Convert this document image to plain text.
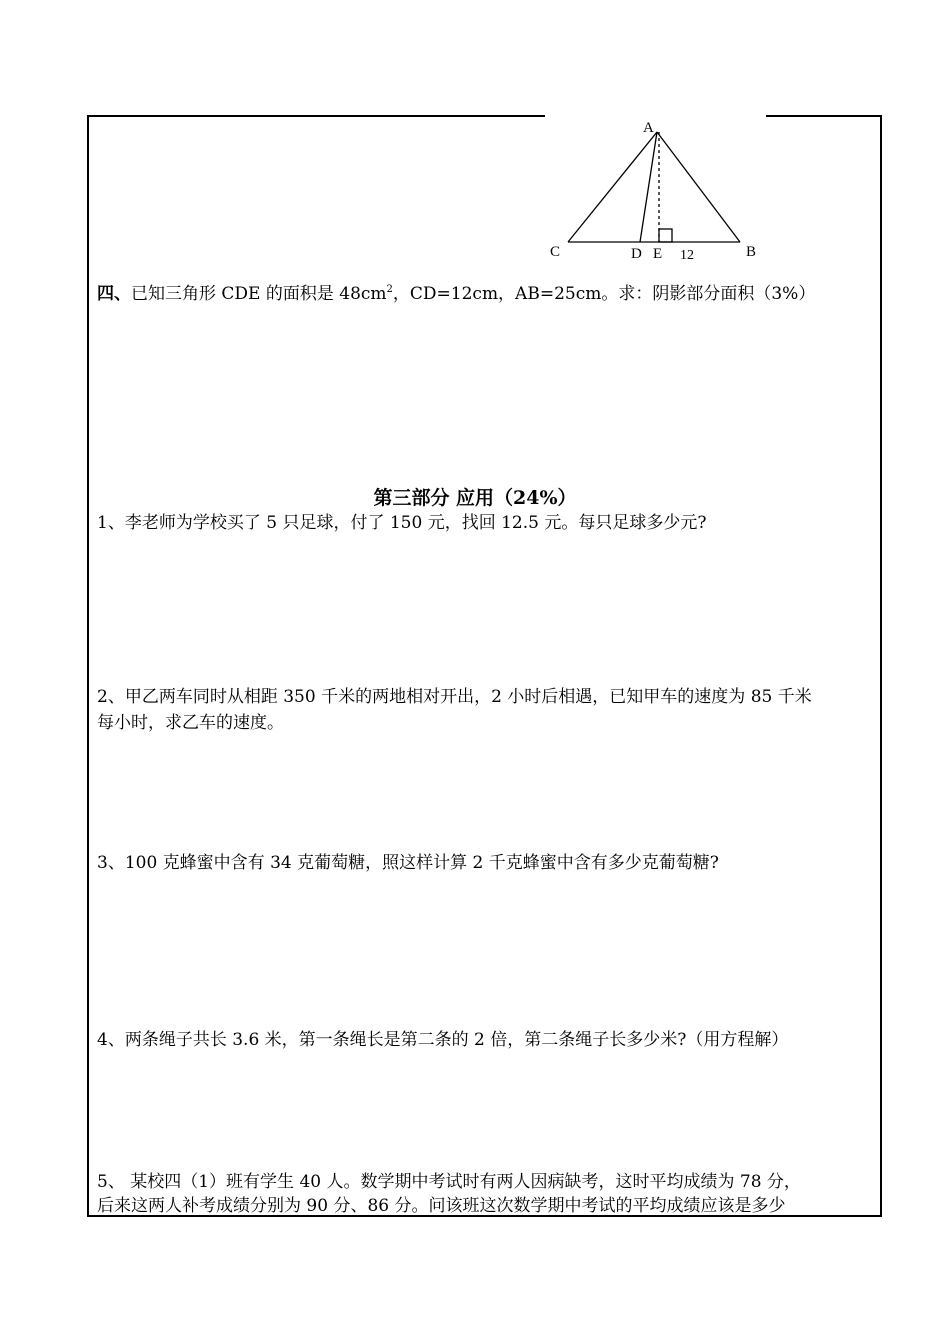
A
C	D E 12	B
四、已知三角形 CDE 的面积是 $48cm^2$，CD=12cm，AB=25cm。求：阴影部分面积（3%）
第三部分 应用（24%）
1、李老师为学校买了 5 只足球，付了 150 元，找回 12.5 元。每只足球多少元?
2、甲乙两车同时从相距 350 千米的两地相对开出，2 小时后相遇，已知甲车的速度为 85 千米
每小时，求乙车的速度。
3、100 克蜂蜜中含有 34 克葡萄糖，照这样计算 2 千克蜂蜜中含有多少克葡萄糖?
4、两条绳子共长 3.6 米，第一条绳长是第二条的 2 倍，第二条绳子长多少米?（用方程解）
5、 某校四（1）班有学生 40 人。数学期中考试时有两人因病缺考，这时平均成绩为 78 分，
后来这两人补考成绩分别为 90 分、86 分。问该班这次数学期中考试的平均成绩应该是多少
